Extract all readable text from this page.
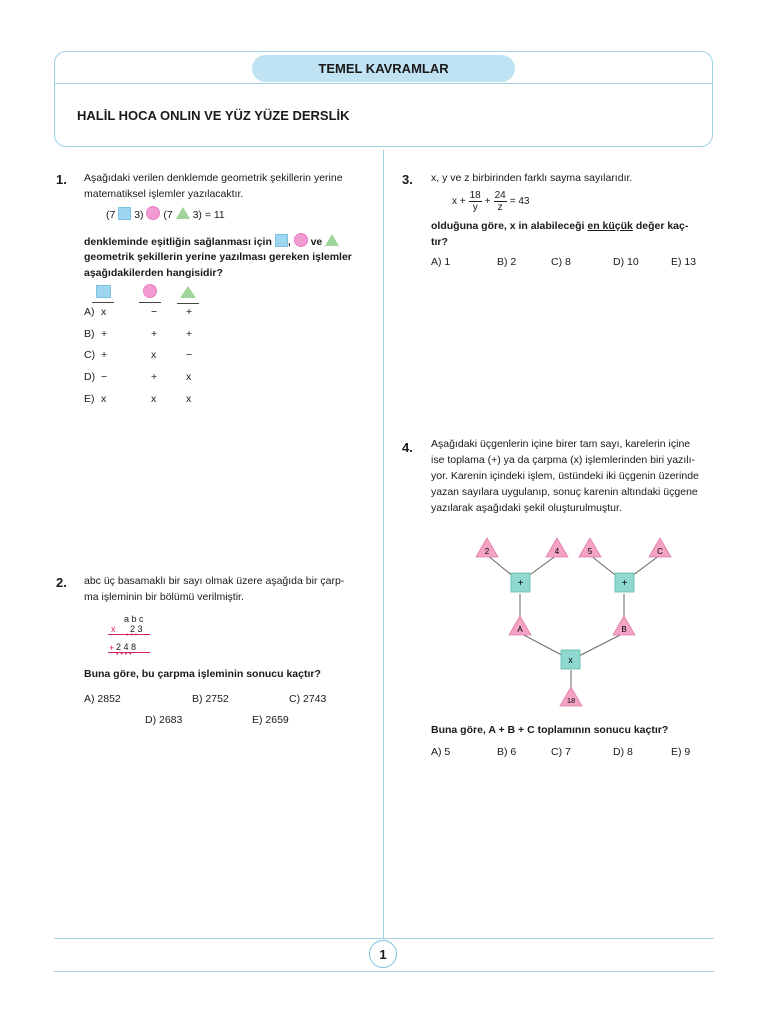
TEMEL KAVRAMLAR
HALİL HOCA ONLIN VE YÜZ YÜZE DERSLİK
1. Aşağıdaki verilen denklemde geometrik şekillerin yerine
matematiksel işlemler yazılacaktır.
(7 3) (7 3) = 11
denkleminde eşitliğin sağlanması için , ve
geometrik şekillerin yerine yazılması gereken işlemler
aşağıdakilerden hangisidir?
A) x	−	+
B) +	+	+
C) +	x	−
D) −	+	x
E) x	x	x
2. abc üç basamaklı bir sayı olmak üzere aşağıda bir çarp-
ma işleminin bir bölümü verilmiştir.
a b c
x 2 3
• • •
+ 2 4 8
• • • •
Buna göre, bu çarpma işleminin sonucu kaçtır?
A) 2852	B) 2752	C) 2743
D) 2683	E) 2659
3. x, y ve z birbirinden farklı sayma sayılarıdır.
$x + \frac{18}{y} + \frac{24}{z} = 43$
olduğuna göre, x in alabileceği en küçük değer kaç-
tır?
A) 1	B) 2	C) 8	D) 10	E) 13
4. Aşağıdaki üçgenlerin içine birer tam sayı, karelerin içine
ise toplama (+) ya da çarpma (x) işlemlerinden biri yazılı-
yor. Karenin içindeki işlem, üstündeki iki üçgenin üzerinde
yazan sayılara uygulanıp, sonuç karenin altındaki üçgene
yazılarak aşağıdaki şekil oluşturulmuştur.
2	4	5	C
+	+
A	B
x
18
Buna göre, A + B + C toplamının sonucu kaçtır?
A) 5	B) 6	C) 7	D) 8	E) 9
1
